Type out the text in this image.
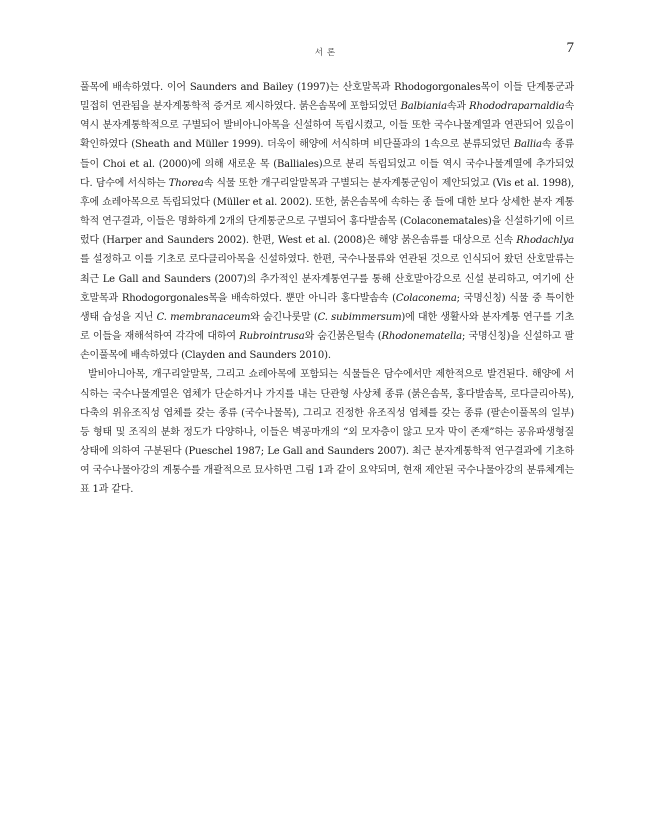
서론	7

풀목에 배속하였다. 이어 Saunders and Bailey (1997)는 산호말목과 Rhodogorgonales목이 이들 단계통군과 밀접히 연관됨을 분자계통학적 증거로 제시하였다. 붉은솜목에 포함되었던 Balbiania속과 Rhododraparnaldia속 역시 분자계통학적으로 구별되어 발비아니아목을 신설하여 독립시켰고, 이들 또한 국수나물계열과 연관되어 있음이 확인하였다 (Sheath and Müller 1999). 더욱이 해양에 서식하며 비단풀과의 1속으로 분류되었던 Ballia속 종류들이 Choi et al. (2000)에 의해 새로운 목 (Balliales)으로 분리 독립되었고 이들 역시 국수나물계열에 추가되었다. 담수에 서식하는 Thorea속 식물 또한 개구리알말목과 구별되는 분자계통군임이 제안되었고 (Vis et al. 1998), 후에 쇼레아목으로 독립되었다 (Müller et al. 2002). 또한, 붉은솜목에 속하는 종 들에 대한 보다 상세한 분자 계통학적 연구결과, 이들은 명화하게 2개의 단계통군으로 구별되어 홍다발솜목 (Colaconematales)을 신설하기에 이르렀다 (Harper and Saunders 2002). 한편, West et al. (2008)은 해양 붉은솜류를 대상으로 신속 Rhodachlya를 설정하고 이를 기초로 로다클리아목을 신설하였다. 한편, 국수나물류와 연관된 것으로 인식되어 왔던 산호말류는 최근 Le Gall and Saunders (2007)의 추가적인 분자계통연구를 통해 산호말아강으로 신설 분리하고, 여기에 산호말목과 Rhodogorgonales목을 배속하였다. 뿐만 아니라 홍다발솜속 (Colaconema; 국명신칭) 식물 중 특이한 생태 습성을 지닌 C. membranaceum와 숨긴나룻말 (C. subimmersum)에 대한 생활사와 분자계통 연구를 기초로 이들을 재해석하여 각각에 대하여 Rubrointrusa와 숨긴붉은털속 (Rhodonematella; 국명신칭)을 신설하고 팔손이풀목에 배속하였다 (Clayden and Saunders 2010).

발비아니아목, 개구리알말목, 그리고 쇼레아목에 포함되는 식물들은 담수에서만 제한적으로 발견된다. 해양에 서식하는 국수나물계열은 엽체가 단순하거나 가지를 내는 단관형 사상체 종류 (붉은솜목, 홍다발솜목, 로다클리아목), 다축의 위유조직성 엽체를 갖는 종류 (국수나물목), 그리고 진정한 유조직성 엽체를 갖는 종류 (팔손이풀목의 일부) 등 형태 및 조직의 분화 정도가 다양하나, 이들은 벽공마개의 “외 모자층이 않고 모자 막이 존재”하는 공유파생형질 상태에 의하여 구분된다 (Pueschel 1987; Le Gall and Saunders 2007). 최근 분자계통학적 연구결과에 기초하여 국수나물아강의 계통수를 개괄적으로 묘사하면 그림 1과 같이 요약되며, 현재 제안된 국수나물아강의 분류체계는 표 1과 같다.
